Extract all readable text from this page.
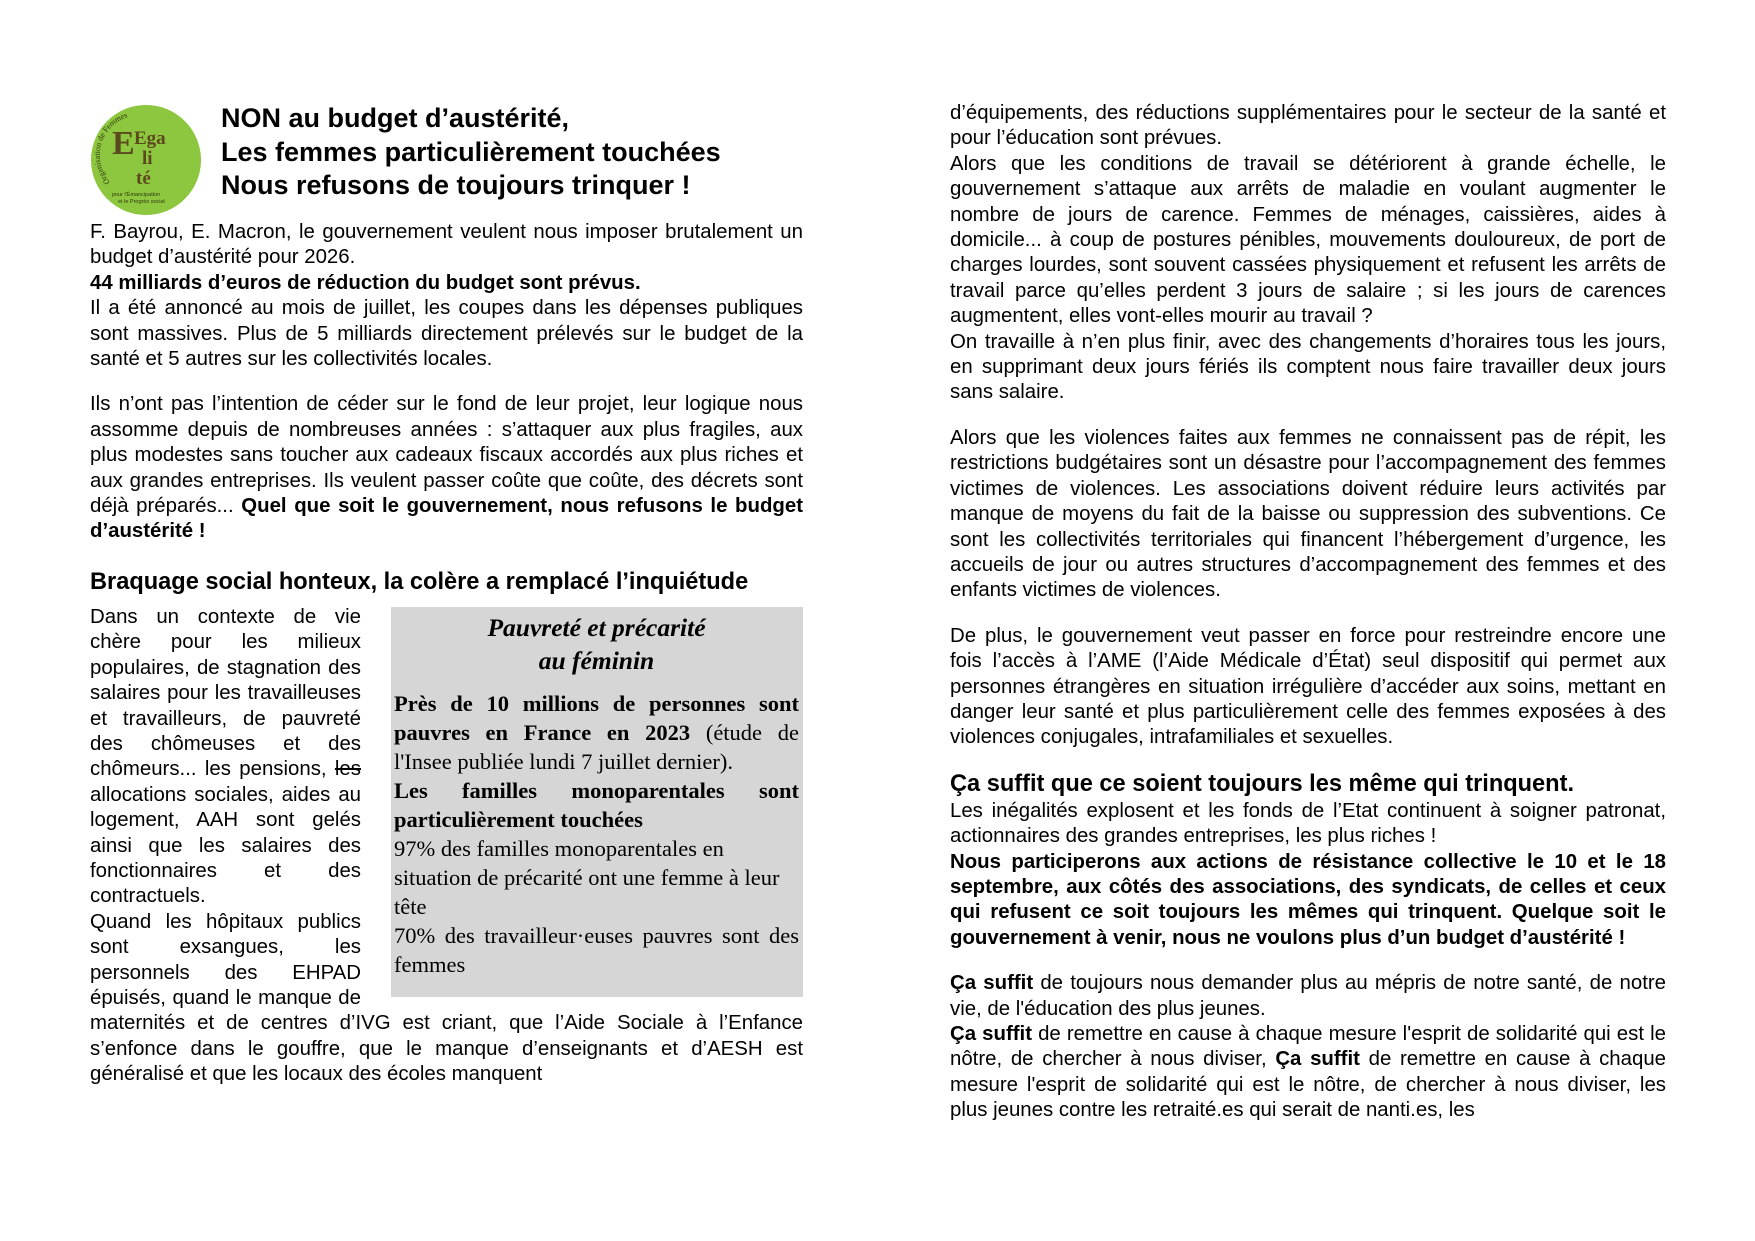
Organisation de Femmes
E Ega
li
té
pour l'Émancipation
et le Progrès social
NON au budget d’austérité,
Les femmes particulièrement touchées
Nous refusons de toujours trinquer !

F. Bayrou, E. Macron, le gouvernement veulent nous imposer brutalement un budget d’austérité pour 2026.
44 milliards d’euros de réduction du budget sont prévus.
Il a été annoncé au mois de juillet, les coupes dans les dépenses publiques sont massives. Plus de 5 milliards directement prélevés sur le budget de la santé et 5 autres sur les collectivités locales.

Ils n’ont pas l’intention de céder sur le fond de leur projet, leur logique nous assomme depuis de nombreuses années : s’attaquer aux plus fragiles, aux plus modestes sans toucher aux cadeaux fiscaux accordés aux plus riches et aux grandes entreprises. Ils veulent passer coûte que coûte, des décrets sont déjà préparés... Quel que soit le gouvernement, nous refusons le budget d’austérité !

Braquage social honteux, la colère a remplacé l’inquiétude
Pauvreté et précarité
au féminin
Près de 10 millions de personnes sont pauvres en France en 2023 (étude de l'Insee publiée lundi 7 juillet dernier).
Les familles monoparentales sont particulièrement touchées
97% des familles monoparentales en situation de précarité ont une femme à leur tête
70% des travailleur·euses pauvres sont des femmes

Dans un contexte de vie chère pour les milieux populaires, de stagnation des salaires pour les travailleuses et travailleurs, de pauvreté des chômeuses et des chômeurs... les pensions, les allocations sociales, aides au logement, AAH sont gelés ainsi que les salaires des fonctionnaires et des contractuels.

Quand les hôpitaux publics sont exsangues, les personnels des EHPAD épuisés, quand le manque de maternités et de centres d’IVG est criant, que l’Aide Sociale à l’Enfance s’enfonce dans le gouffre, que le manque d’enseignants et d’AESH est généralisé et que les locaux des écoles manquent

d’équipements, des réductions supplémentaires pour le secteur de la santé et pour l’éducation sont prévues.

Alors que les conditions de travail se détériorent à grande échelle, le gouvernement s’attaque aux arrêts de maladie en voulant augmenter le nombre de jours de carence. Femmes de ménages, caissières, aides à domicile... à coup de postures pénibles, mouvements douloureux, de port de charges lourdes, sont souvent cassées physiquement et refusent les arrêts de travail parce qu’elles perdent 3 jours de salaire ; si les jours de carences augmentent, elles vont-elles mourir au travail ?

On travaille à n’en plus finir, avec des changements d’horaires tous les jours, en supprimant deux jours fériés ils comptent nous faire travailler deux jours sans salaire.

Alors que les violences faites aux femmes ne connaissent pas de répit, les restrictions budgétaires sont un désastre pour l’accompagnement des femmes victimes de violences. Les associations doivent réduire leurs activités par manque de moyens du fait de la baisse ou suppression des subventions. Ce sont les collectivités territoriales qui financent l’hébergement d’urgence, les accueils de jour ou autres structures d’accompagnement des femmes et des enfants victimes de violences.

De plus, le gouvernement veut passer en force pour restreindre encore une fois l’accès à l’AME (l’Aide Médicale d’État) seul dispositif qui permet aux personnes étrangères en situation irrégulière d’accéder aux soins, mettant en danger leur santé et plus particulièrement celle des femmes exposées à des violences conjugales, intrafamiliales et sexuelles.

Ça suffit que ce soient toujours les même qui trinquent.

Les inégalités explosent et les fonds de l’Etat continuent à soigner patronat, actionnaires des grandes entreprises, les plus riches !
Nous participerons aux actions de résistance collective le 10 et le 18 septembre, aux côtés des associations, des syndicats, de celles et ceux qui refusent ce soit toujours les mêmes qui trinquent. Quelque soit le gouvernement à venir, nous ne voulons plus d’un budget d’austérité !

Ça suffit de toujours nous demander plus au mépris de notre santé, de notre vie, de l'éducation des plus jeunes.
Ça suffit de remettre en cause à chaque mesure l'esprit de solidarité qui est le nôtre, de chercher à nous diviser, Ça suffit de remettre en cause à chaque mesure l'esprit de solidarité qui est le nôtre, de chercher à nous diviser, les plus jeunes contre les retraité.es qui serait de nanti.es, les
